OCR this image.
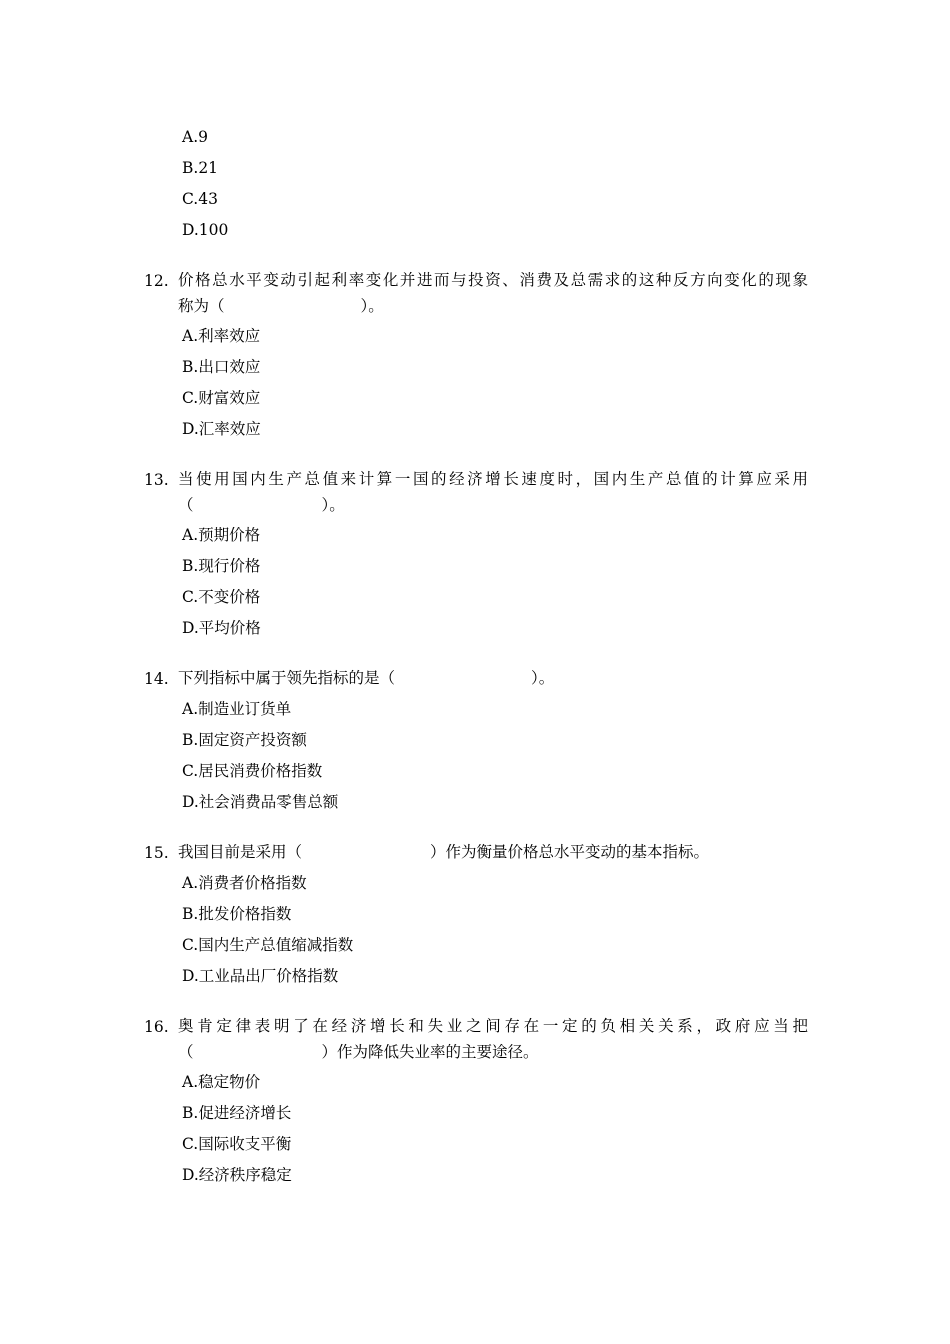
A.9
B.21
C.43
D.100
12. 价格总水平变动引起利率变化并进而与投资、消费及总需求的这种反方向变化的现象
称为（	）。
A.利率效应
B.出口效应
C.财富效应
D.汇率效应
13. 当使用国内生产总值来计算一国的经济增长速度时，国内生产总值的计算应采用
（	）。
A.预期价格
B.现行价格
C.不变价格
D.平均价格
14. 下列指标中属于领先指标的是（	）。
A.制造业订货单
B.固定资产投资额
C.居民消费价格指数
D.社会消费品零售总额
15. 我国目前是采用（	）作为衡量价格总水平变动的基本指标。
A.消费者价格指数
B.批发价格指数
C.国内生产总值缩减指数
D.工业品出厂价格指数
16. 奥肯定律表明了在经济增长和失业之间存在一定的负相关关系，政府应当把
（	）作为降低失业率的主要途径。
A.稳定物价
B.促进经济增长
C.国际收支平衡
D.经济秩序稳定
